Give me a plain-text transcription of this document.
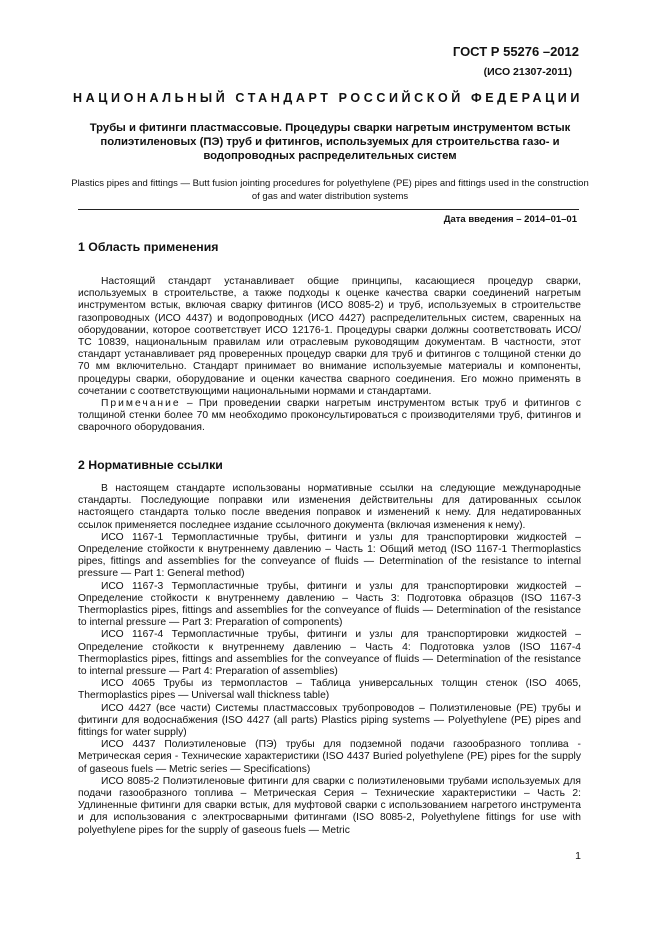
ГОСТ Р 55276 –2012
(ИСО 21307-2011)
НАЦИОНАЛЬНЫЙ СТАНДАРТ РОССИЙСКОЙ ФЕДЕРАЦИИ
Трубы и фитинги пластмассовые. Процедуры сварки нагретым инструментом встык полиэтиленовых (ПЭ) труб и фитингов, используемых для строительства газо- и водопроводных распределительных систем
Plastics pipes and fittings — Butt fusion jointing procedures for polyethylene (PE) pipes and fittings used in the construction of gas and water distribution systems
Дата введения – 2014–01–01
1 Область применения

Настоящий стандарт устанавливает общие принципы, касающиеся процедур сварки, используемых в строительстве, а также подходы к оценке качества сварки соединений нагретым инструментом встык, включая сварку фитингов (ИСО 8085-2) и труб, используемых в строительстве газопроводных (ИСО 4437) и водопроводных (ИСО 4427) распределительных систем, сваренных на оборудовании, которое соответствует ИСО 12176-1. Процедуры сварки должны соответствовать ИСО/ТС 10839, национальным правилам или отраслевым руководящим документам. В частности, этот стандарт устанавливает ряд проверенных процедур сварки для труб и фитингов с толщиной стенки до 70 мм включительно. Стандарт принимает во внимание используемые материалы и компоненты, процедуры сварки, оборудование и оценки качества сварного соединения. Его можно применять в сочетании с соответствующими национальными нормами и стандартами.

Примечание – При проведении сварки нагретым инструментом встык труб и фитингов с толщиной стенки более 70 мм необходимо проконсультироваться с производителями труб, фитингов и сварочного оборудования.

2 Нормативные ссылки

В настоящем стандарте использованы нормативные ссылки на следующие международные стандарты. Последующие поправки или изменения действительны для датированных ссылок настоящего стандарта только после введения поправок и изменений к нему. Для недатированных ссылок применяется последнее издание ссылочного документа (включая изменения к нему).

ИСО 1167-1 Термопластичные трубы, фитинги и узлы для транспортировки жидкостей – Определение стойкости к внутреннему давлению – Часть 1: Общий метод (ISO 1167-1 Thermoplastics pipes, fittings and assemblies for the conveyance of fluids — Determination of the resistance to internal pressure — Part 1: General method)

ИСО 1167-3 Термопластичные трубы, фитинги и узлы для транспортировки жидкостей – Определение стойкости к внутреннему давлению – Часть 3: Подготовка образцов (ISO 1167-3 Thermoplastics pipes, fittings and assemblies for the conveyance of fluids — Determination of the resistance to internal pressure — Part 3: Preparation of components)

ИСО 1167-4 Термопластичные трубы, фитинги и узлы для транспортировки жидкостей – Определение стойкости к внутреннему давлению – Часть 4: Подготовка узлов (ISO 1167-4 Thermoplastics pipes, fittings and assemblies for the conveyance of fluids — Determination of the resistance to internal pressure — Part 4: Preparation of assemblies)

ИСО 4065 Трубы из термопластов – Таблица универсальных толщин стенок (ISO 4065, Thermoplastics pipes — Universal wall thickness table)

ИСО 4427 (все части) Системы пластмассовых трубопроводов – Полиэтиленовые (PE) трубы и фитинги для водоснабжения (ISO 4427 (all parts) Plastics piping systems — Polyethylene (PE) pipes and fittings for water supply)

ИСО 4437 Полиэтиленовые (ПЭ) трубы для подземной подачи газообразного топлива - Метрическая серия - Технические характеристики (ISO 4437 Buried polyethylene (PE) pipes for the supply of gaseous fuels — Metric series — Specifications)

ИСО 8085-2 Полиэтиленовые фитинги для сварки с полиэтиленовыми трубами используемых для подачи газообразного топлива – Метрическая Серия – Технические характеристики – Часть 2: Удлиненные фитинги для сварки встык, для муфтовой сварки с использованием нагретого инструмента и для использования с электросварными фитингами (ISO 8085-2, Polyethylene fittings for use with polyethylene pipes for the supply of gaseous fuels — Metric

1
